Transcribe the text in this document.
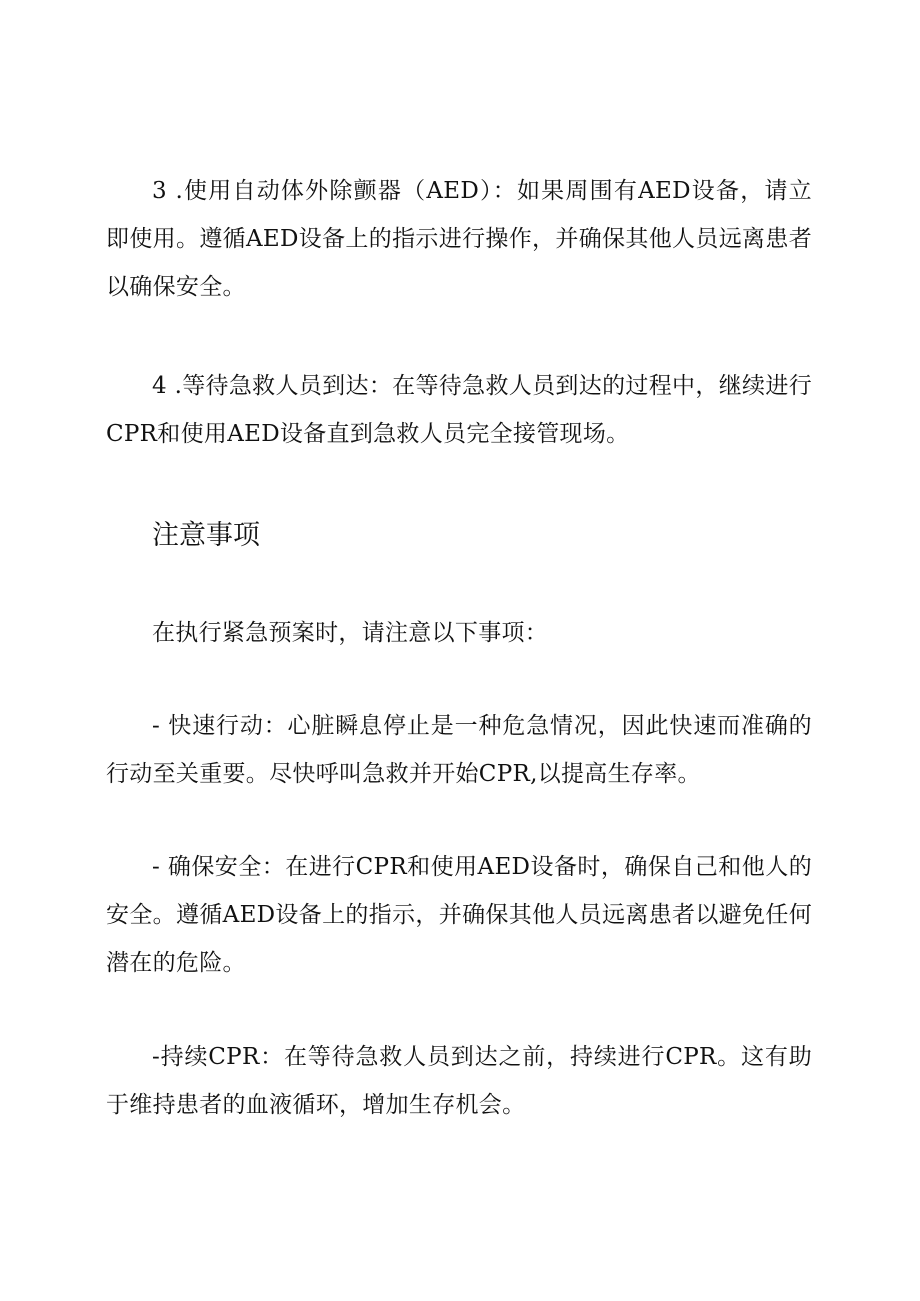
3 .使用自动体外除颤器（AED）：如果周围有AED设备，请立即使用。遵循AED设备上的指示进行操作，并确保其他人员远离患者以确保安全。

4 .等待急救人员到达：在等待急救人员到达的过程中，继续进行CPR和使用AED设备直到急救人员完全接管现场。

注意事项

在执行紧急预案时，请注意以下事项：

- 快速行动：心脏瞬息停止是一种危急情况，因此快速而准确的行动至关重要。尽快呼叫急救并开始CPR,以提高生存率。

- 确保安全：在进行CPR和使用AED设备时，确保自己和他人的安全。遵循AED设备上的指示，并确保其他人员远离患者以避免任何潜在的危险。

-持续CPR：在等待急救人员到达之前，持续进行CPR。这有助于维持患者的血液循环，增加生存机会。
